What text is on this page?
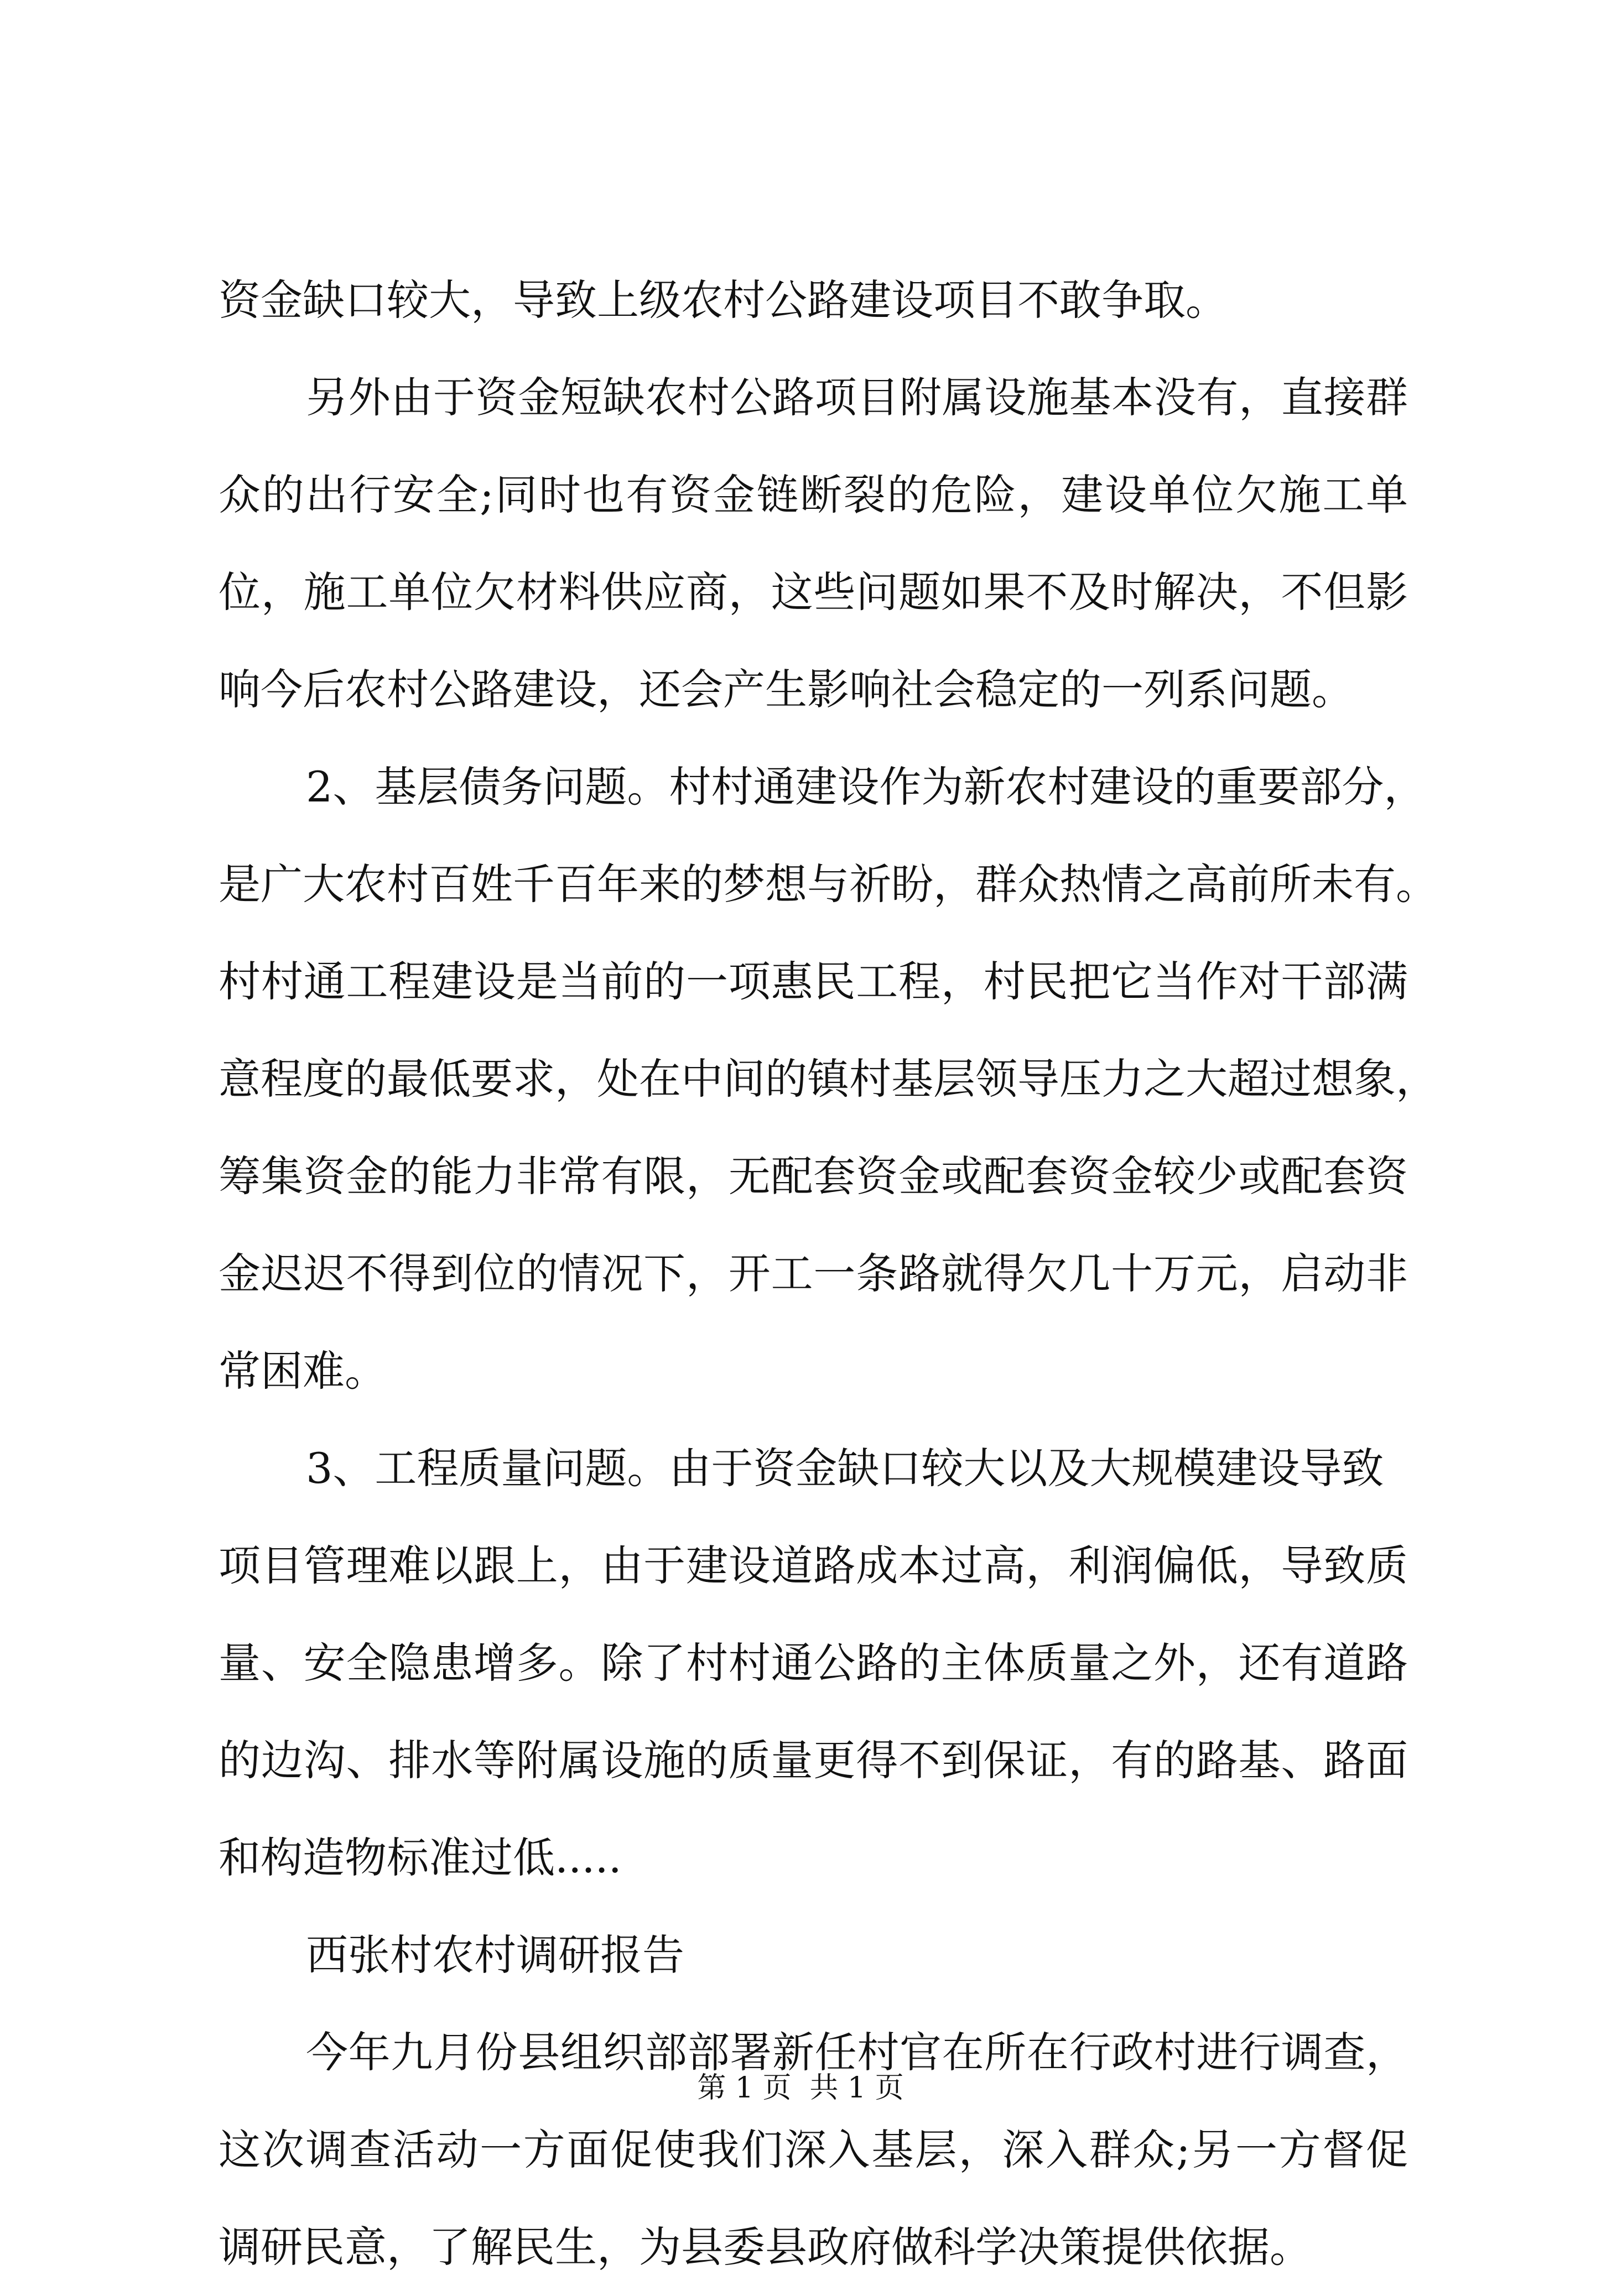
资金缺口较大，导致上级农村公路建设项目不敢争取。
另外由于资金短缺农村公路项目附属设施基本没有，直接群
众的出行安全;同时也有资金链断裂的危险，建设单位欠施工单
位，施工单位欠材料供应商，这些问题如果不及时解决，不但影
响今后农村公路建设，还会产生影响社会稳定的一列系问题。
2、基层债务问题。村村通建设作为新农村建设的重要部分，
是广大农村百姓千百年来的梦想与祈盼，群众热情之高前所未有。
村村通工程建设是当前的一项惠民工程，村民把它当作对干部满
意程度的最低要求，处在中间的镇村基层领导压力之大超过想象，
筹集资金的能力非常有限，无配套资金或配套资金较少或配套资
金迟迟不得到位的情况下，开工一条路就得欠几十万元，启动非
常困难。
3、工程质量问题。由于资金缺口较大以及大规模建设导致
项目管理难以跟上，由于建设道路成本过高，利润偏低，导致质
量、安全隐患增多。除了村村通公路的主体质量之外，还有道路
的边沟、排水等附属设施的质量更得不到保证，有的路基、路面
和构造物标准过低.....
西张村农村调研报告
今年九月份县组织部部署新任村官在所在行政村进行调查，
这次调查活动一方面促使我们深入基层，深入群众;另一方督促
调研民意，了解民生，为县委县政府做科学决策提供依据。
第 1 页  共 1 页
